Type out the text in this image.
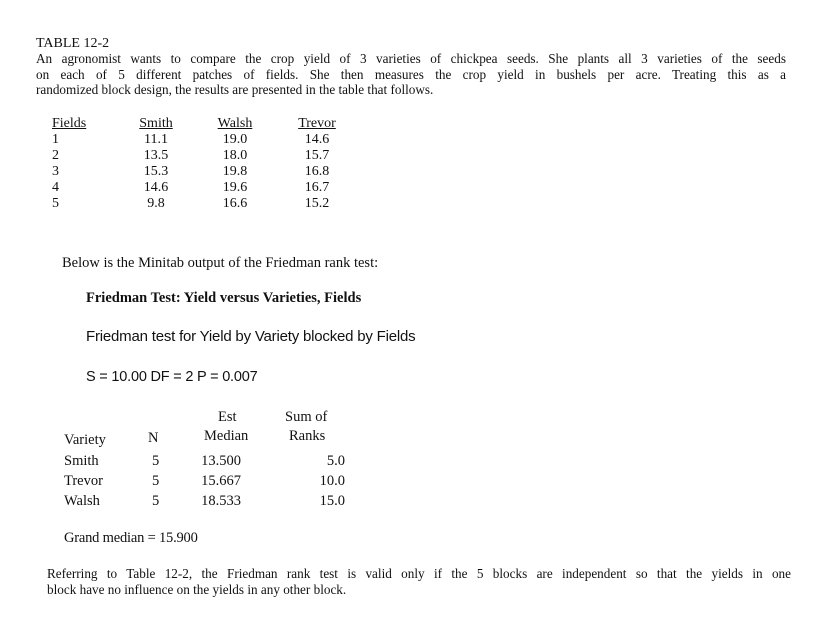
TABLE 12-2
An agronomist wants to compare the crop yield of 3 varieties of chickpea seeds. She plants all 3 varieties of the seeds
on each of 5 different patches of fields. She then measures the crop yield in bushels per acre. Treating this as a
randomized block design, the results are presented in the table that follows.
Fields	Smith	Walsh	Trevor
1	11.1	19.0	14.6
2	13.5	18.0	15.7
3	15.3	19.8	16.8
4	14.6	19.6	16.7
5	9.8	16.6	15.2
Below is the Minitab output of the Friedman rank test:
Friedman Test: Yield versus Varieties, Fields
Friedman test for Yield by Variety blocked by Fields
S = 10.00 DF = 2 P = 0.007
Est	Sum of
Variety	N	Median	Ranks
Smith	5	13.500	5.0
Trevor	5	15.667	10.0
Walsh	5	18.533	15.0
Grand median = 15.900
Referring to Table 12-2, the Friedman rank test is valid only if the 5 blocks are independent so that the yields in one
block have no influence on the yields in any other block.
